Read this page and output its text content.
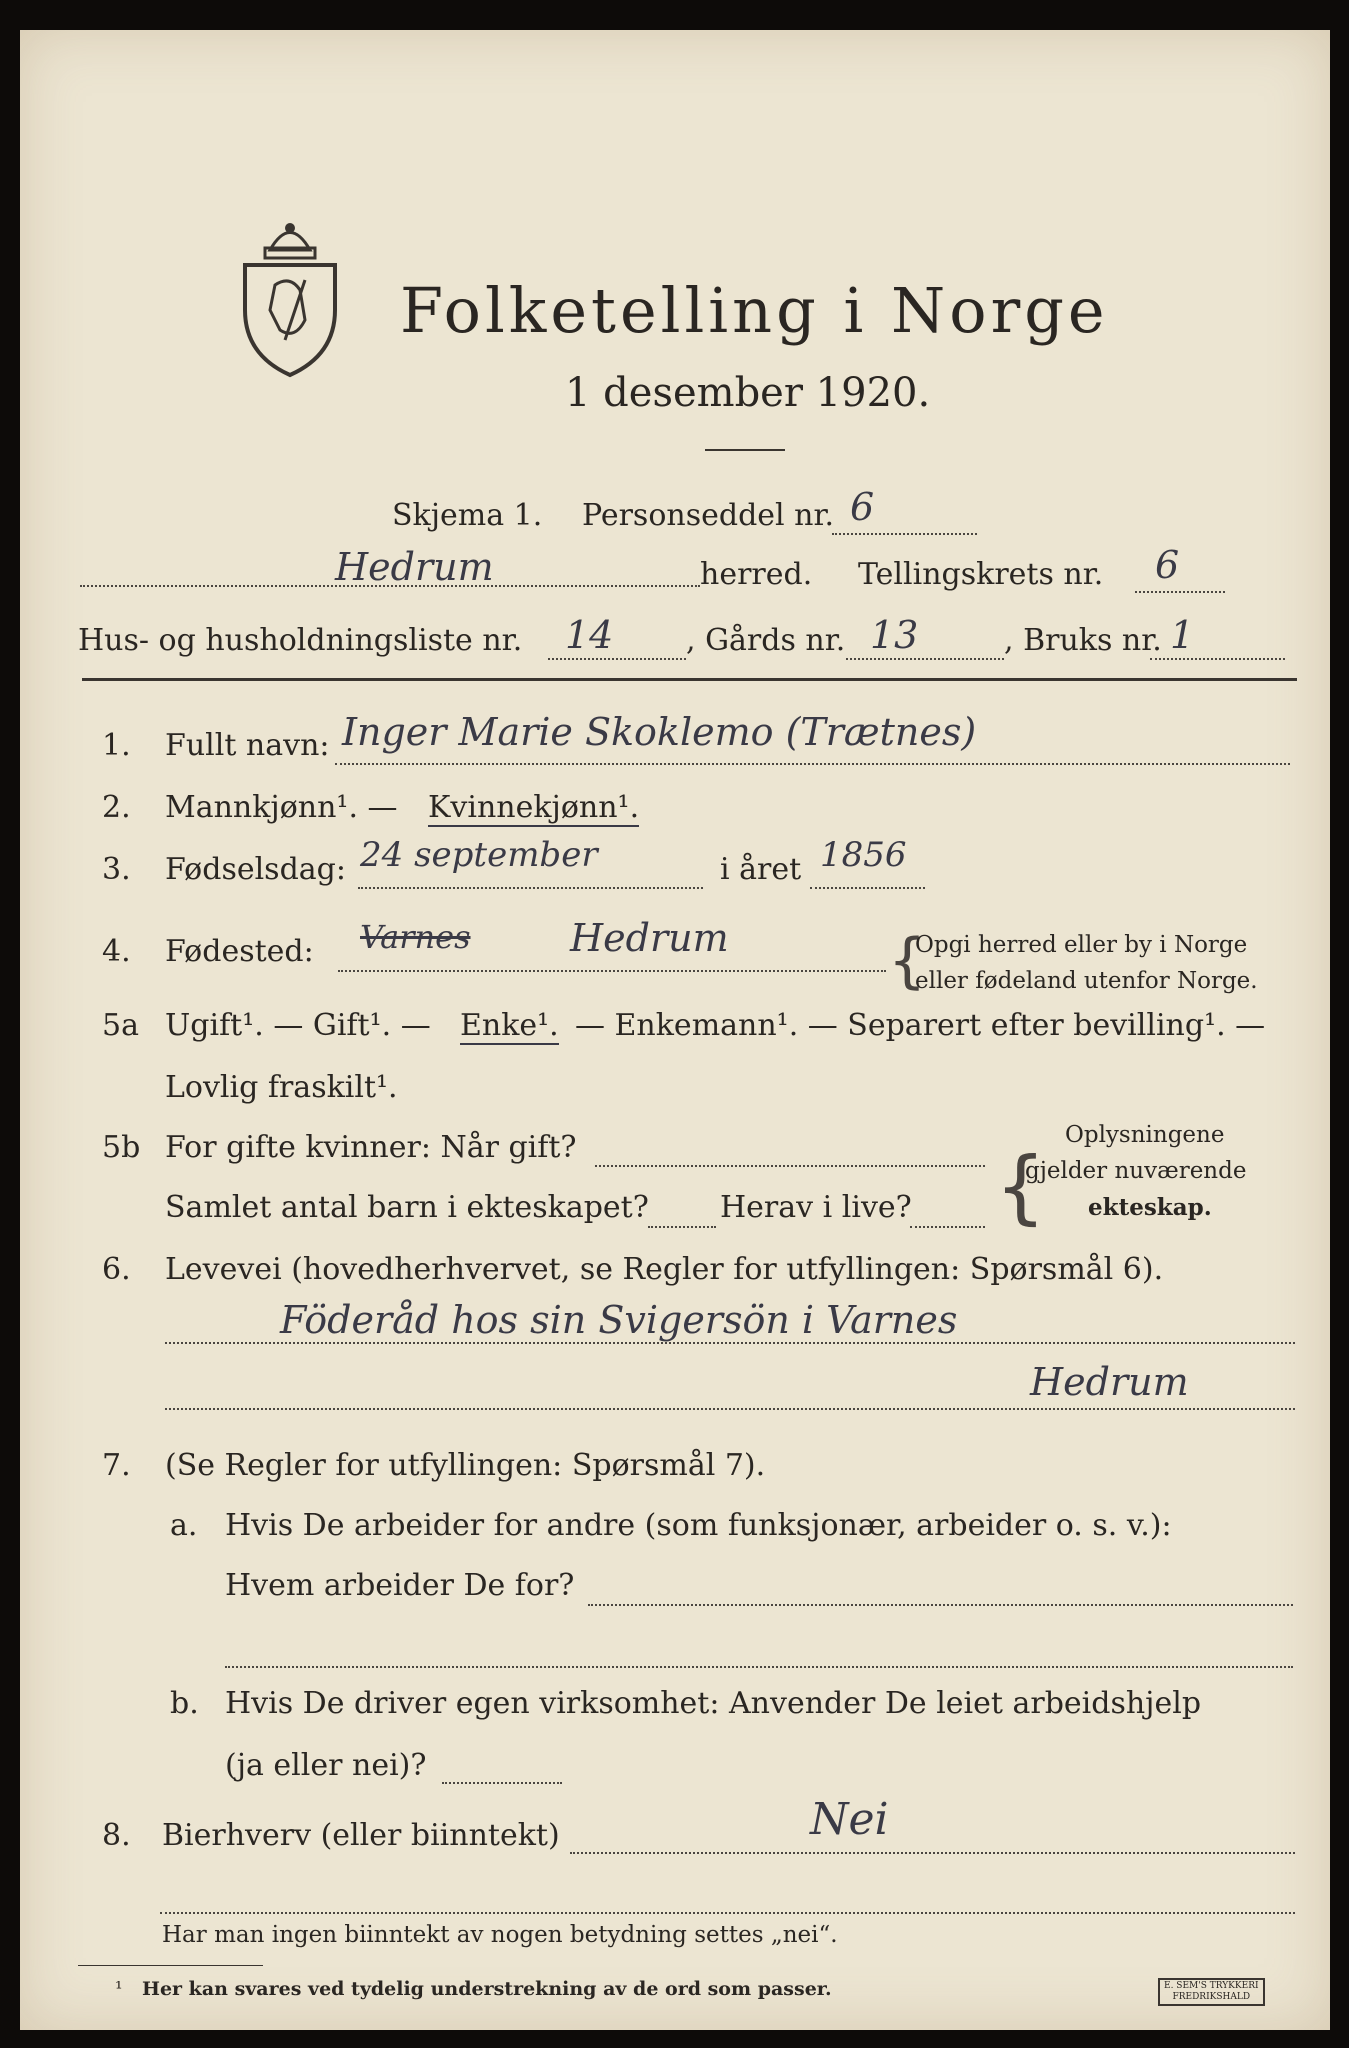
Folketelling i Norge
1 desember 1920.
Skjema 1. Personseddel nr. 6
Hedrum	herred. Tellingskrets nr. 6
Hus- og husholdningsliste nr. 14 , Gårds nr. 13	, Bruks nr. 1
1. Fullt navn: Inger Marie Skoklemo (Trætnes)
2. Mannkjønn¹. — Kvinnekjønn¹.
3. Fødselsdag: 24 september	i året 1856
4. Fødested: Varnes	Hedrum	{
Opgi herred eller by i Norge
eller fødeland utenfor Norge.
5a Ugift¹. — Gift¹. — Enke¹. — Enkemann¹. — Separert efter bevilling¹. —
Lovlig fraskilt¹.
5b For gifte kvinner: Når gift?
Samlet antal barn i ekteskapet? Herav i live? {
Oplysningene
gjelder nuværende
ekteskap.
6. Levevei (hovedherhvervet, se Regler for utfyllingen: Spørsmål 6).
Föderåd hos sin Svigersön i Varnes
Hedrum
7. (Se Regler for utfyllingen: Spørsmål 7).
a. Hvis De arbeider for andre (som funksjonær, arbeider o. s. v.):
Hvem arbeider De for?
b. Hvis De driver egen virksomhet: Anvender De leiet arbeidshjelp
(ja eller nei)?
8. Bierhverv (eller biinntekt)	Nei
Har man ingen biinntekt av nogen betydning settes „nei“.
¹ Her kan svares ved tydelig understrekning av de ord som passer.	E. SEM'S TRYKKERI
FREDRIKSHALD
